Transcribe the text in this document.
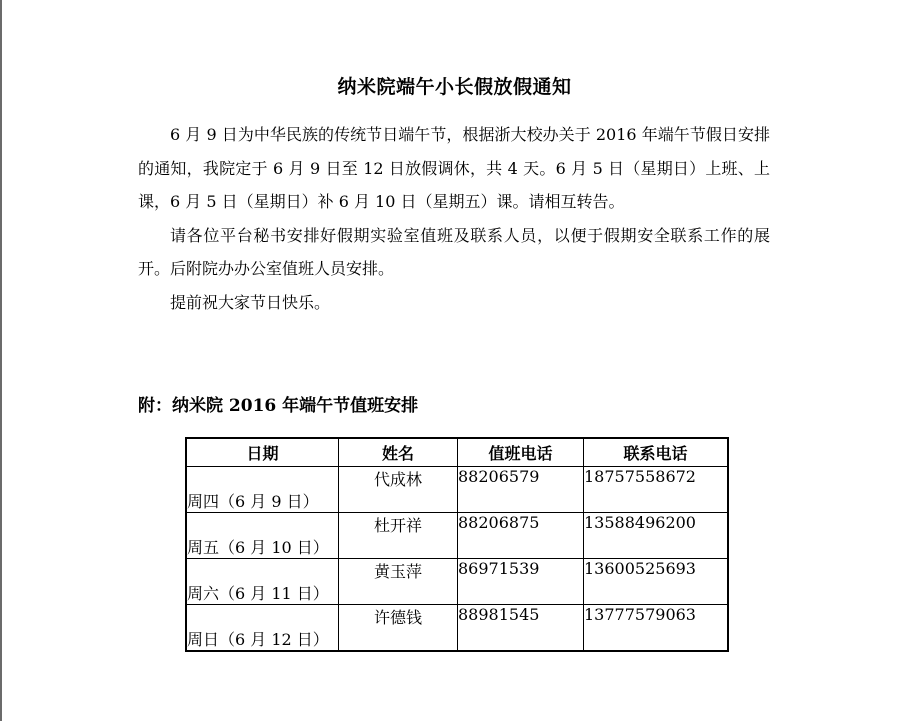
纳米院端午小长假放假通知

6 月 9 日为中华民族的传统节日端午节，根据浙大校办关于 2016 年端午节假日安排的通知，我院定于 6 月 9 日至 12 日放假调休，共 4 天。6 月 5 日（星期日）上班、上课，6 月 5 日（星期日）补 6 月 10 日（星期五）课。请相互转告。

请各位平台秘书安排好假期实验室值班及联系人员，以便于假期安全联系工作的展开。后附院办办公室值班人员安排。

提前祝大家节日快乐。

附：纳米院 2016 年端午节值班安排
日期	姓名	值班电话	联系电话
周四（6 月 9 日）	代成林	88206579	18757558672
周五（6 月 10 日）	杜开祥	88206875	13588496200
周六（6 月 11 日）	黄玉萍	86971539	13600525693
周日（6 月 12 日）	许德钱	88981545	13777579063
